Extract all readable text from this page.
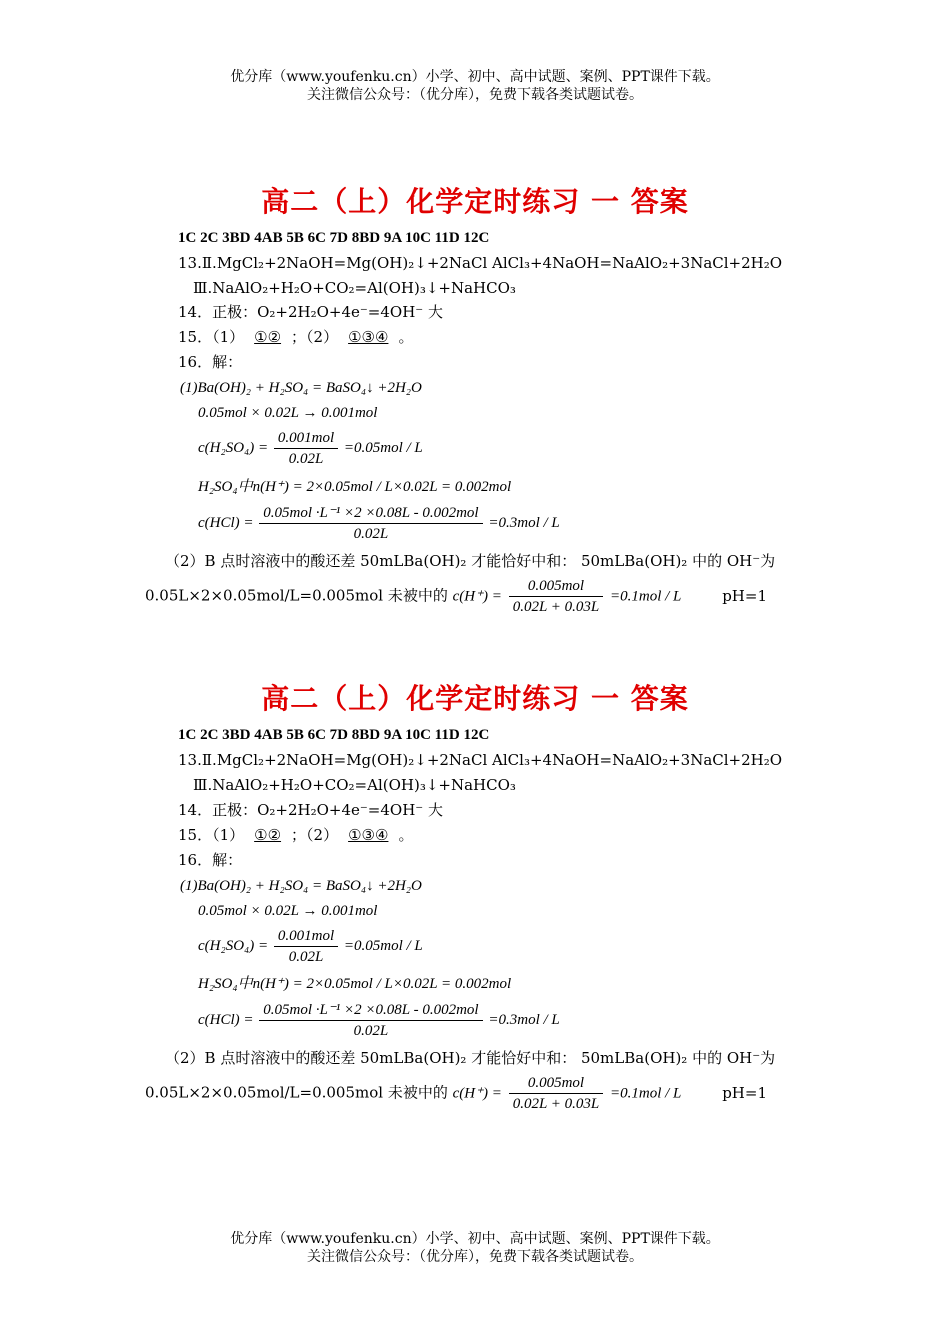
优分库（www.youfenku.cn）小学、初中、高中试题、案例、PPT课件下载。
关注微信公众号：（优分库），免费下载各类试题试卷。
高二（上）化学定时练习 一 答案
1C 2C 3BD 4AB 5B 6C 7D 8BD 9A 10C 11D 12C
13.Ⅱ.MgCl₂+2NaOH=Mg(OH)₂↓+2NaCl AlCl₃+4NaOH=NaAlO₂+3NaCl+2H₂O
Ⅲ.NaAlO₂+H₂O+CO₂=Al(OH)₃↓+NaHCO₃
14．正极：O₂+2H₂O+4e⁻=4OH⁻ 大
15．（1） ①② ；（2） ①③④ 。
16．解：
(1)Ba(OH)₂ + H₂SO₄ = BaSO₄↓ +2H₂O
0.05mol × 0.02L → 0.001mol
$c(H_2SO_4) = \frac{\text{0.001mol}}{0.02L} =0.05mol / L$
H₂SO₄中n(H⁺) = 2×0.05mol / L×0.02L = 0.002mol
$c(HCl) = \frac{\text{0.05mol ·L⁻¹ ×2 ×0.08L - 0.002mol}}{0.02L} =0.3mol / L$
（2）B 点时溶液中的酸还差 50mLBa(OH)₂ 才能恰好中和： 50mLBa(OH)₂ 中的 OH⁻为
0.05L×2×0.05mol/L=0.005mol 未被中的 $c(H^+) = \frac{\text{0.005mol}}{0.02L + 0.03L} =0.1mol / L$	pH=1
高二（上）化学定时练习 一 答案
1C 2C 3BD 4AB 5B 6C 7D 8BD 9A 10C 11D 12C
13.Ⅱ.MgCl₂+2NaOH=Mg(OH)₂↓+2NaCl AlCl₃+4NaOH=NaAlO₂+3NaCl+2H₂O
Ⅲ.NaAlO₂+H₂O+CO₂=Al(OH)₃↓+NaHCO₃
14．正极：O₂+2H₂O+4e⁻=4OH⁻ 大
15．（1） ①② ；（2） ①③④ 。
16．解：
(1)Ba(OH)₂ + H₂SO₄ = BaSO₄↓ +2H₂O
0.05mol × 0.02L → 0.001mol
$c(H_2SO_4) = \frac{\text{0.001mol}}{0.02L} =0.05mol / L$
H₂SO₄中n(H⁺) = 2×0.05mol / L×0.02L = 0.002mol
$c(HCl) = \frac{\text{0.05mol ·L⁻¹ ×2 ×0.08L - 0.002mol}}{0.02L} =0.3mol / L$
（2）B 点时溶液中的酸还差 50mLBa(OH)₂ 才能恰好中和： 50mLBa(OH)₂ 中的 OH⁻为
0.05L×2×0.05mol/L=0.005mol 未被中的 $c(H^+) = \frac{\text{0.005mol}}{0.02L + 0.03L} =0.1mol / L$	pH=1
优分库（www.youfenku.cn）小学、初中、高中试题、案例、PPT课件下载。
关注微信公众号：（优分库），免费下载各类试题试卷。
